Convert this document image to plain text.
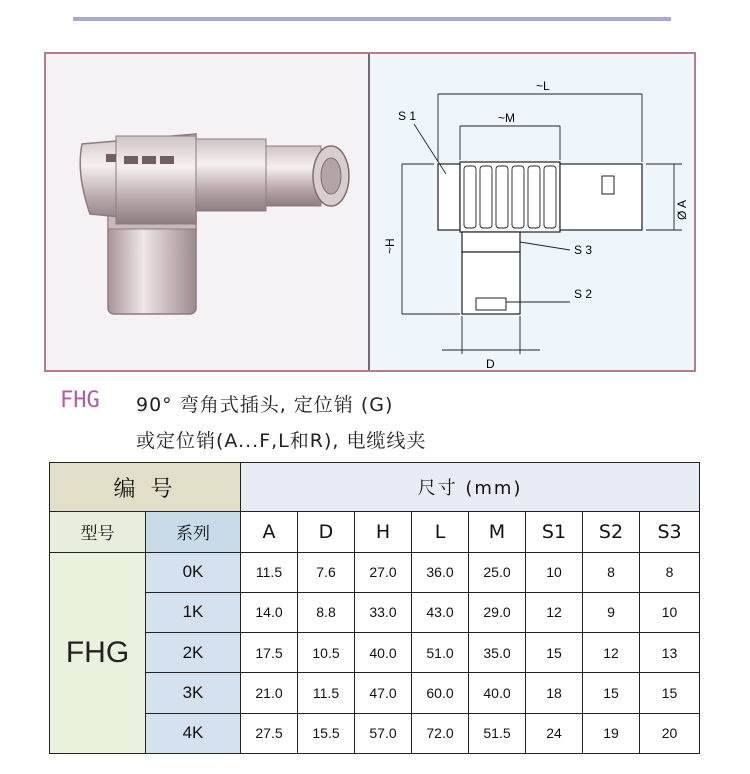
~L
~M
~H
D
Ø A
S 1
S 3
S 2
FHG 90° 弯角式插头, 定位销 (G)
或定位销(A...F,L和R), 电缆线夹
编 号		尺寸 (mm)							
型号	系列	A	D	H	L	M	S1	S2	S3
FHG	0K	11.5	7.6	27.0	36.0	25.0	10	8	8
	1K	14.0	8.8	33.0	43.0	29.0	12	9	10
	2K	17.5	10.5	40.0	51.0	35.0	15	12	13
	3K	21.0	11.5	47.0	60.0	40.0	18	15	15
	4K	27.5	15.5	57.0	72.0	51.5	24	19	20
